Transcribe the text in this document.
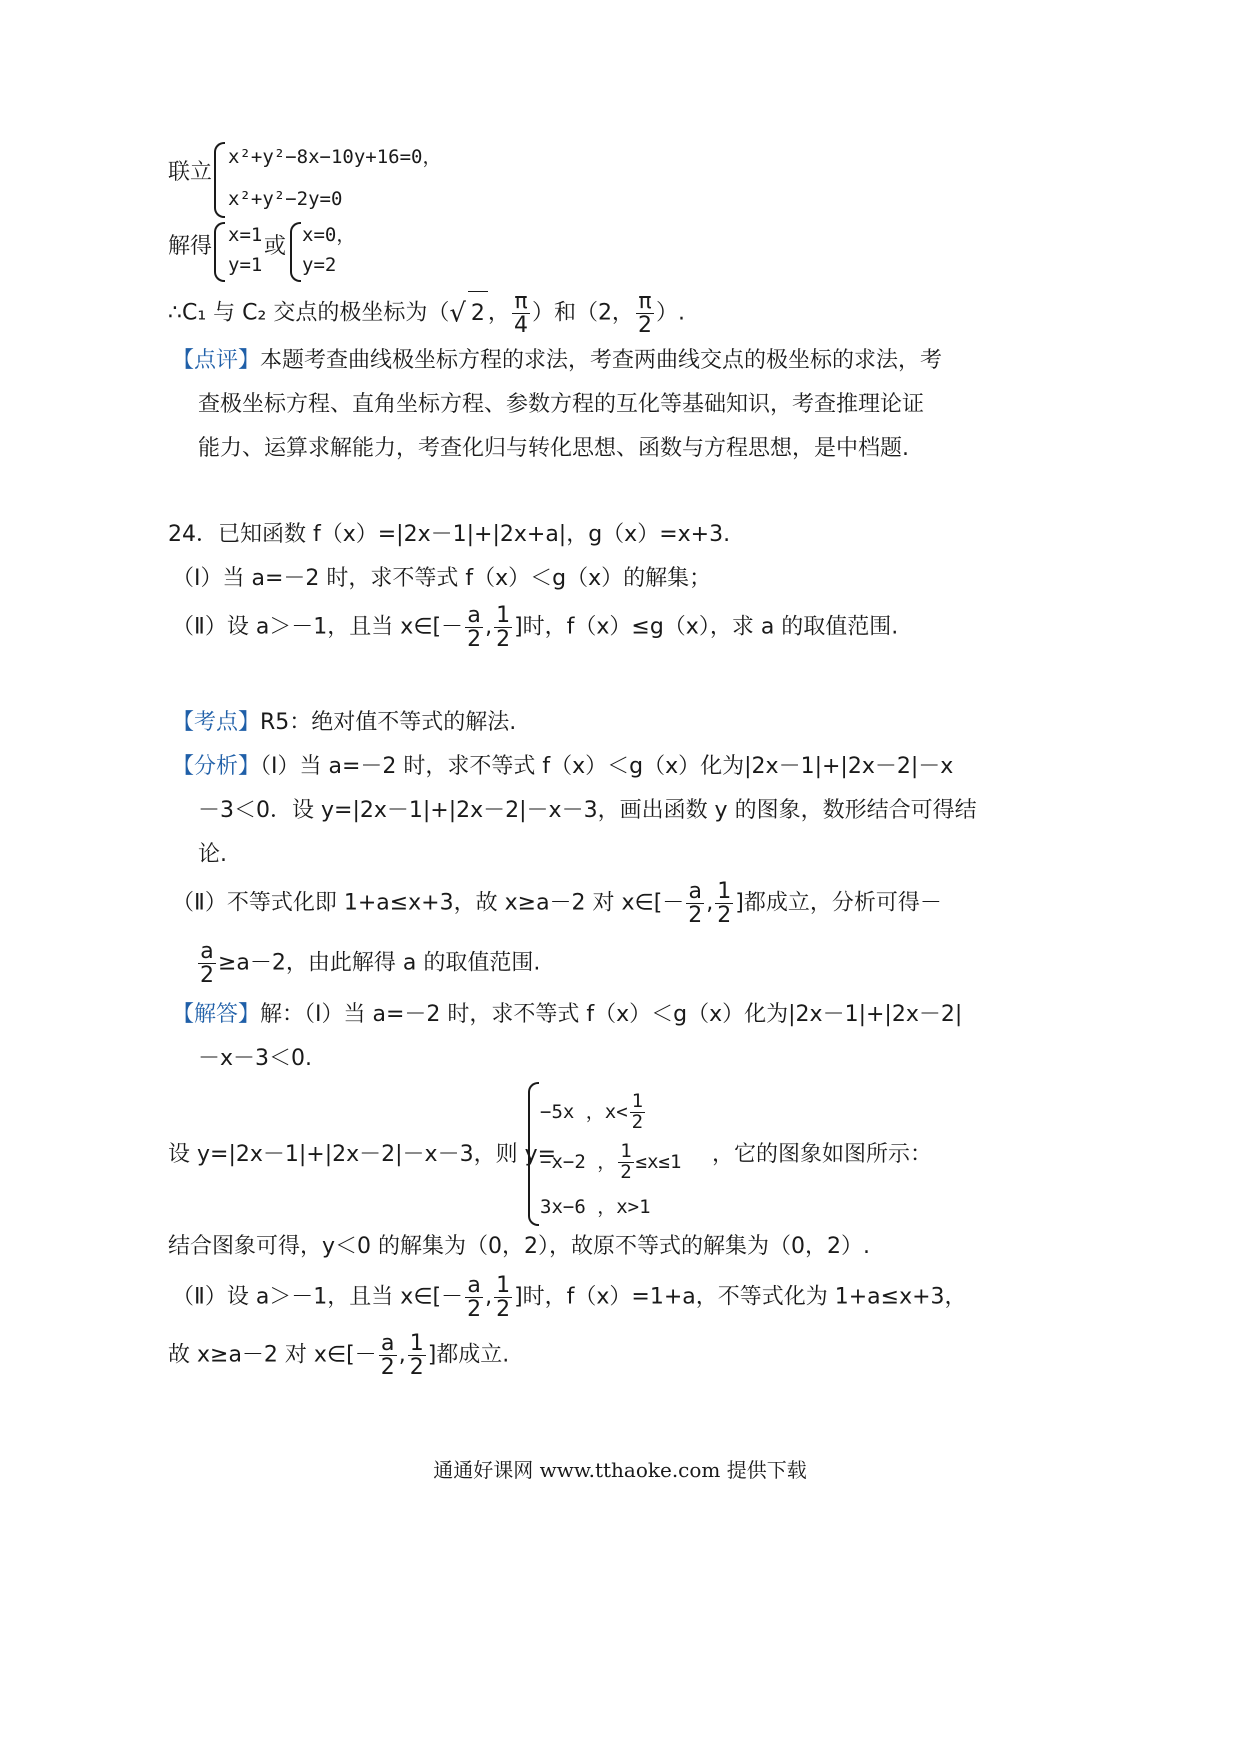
联立
x²+y²−8x−10y+16=0，
x²+y²−2y=0
解得 x=1
y=1
或 x=0，
y=2
∴C₁ 与 C₂ 交点的极坐标为（√ 2 ， $\frac{\pi}{4}$ ）和（2， $\frac{\pi}{2}$ ）.
【点评】本题考查曲线极坐标方程的求法，考查两曲线交点的极坐标的求法，考
查极坐标方程、直角坐标方程、参数方程的互化等基础知识，考查推理论证
能力、运算求解能力，考查化归与转化思想、函数与方程思想，是中档题.
24．已知函数 f（x）=|2x－1|+|2x+a|，g（x）=x+3.
（Ⅰ）当 a=－2 时，求不等式 f（x）＜g（x）的解集；
（Ⅱ）设 a＞－1，且当 x∈[－ $\frac{a}{2}$ , $\frac{1}{2}$ ]时，f（x）≤g（x），求 a 的取值范围.
【考点】R5：绝对值不等式的解法.
【分析】（Ⅰ）当 a=－2 时，求不等式 f（x）＜g（x）化为|2x－1|+|2x－2|－x
－3＜0．设 y=|2x－1|+|2x－2|－x－3，画出函数 y 的图象，数形结合可得结
论.
（Ⅱ）不等式化即 1+a≤x+3，故 x≥a－2 对 x∈[－ $\frac{a}{2}$ , $\frac{1}{2}$ ]都成立，分析可得－
$\frac{a}{2} \ge a-2$，由此解得 a 的取值范围.
【解答】解：（Ⅰ）当 a=－2 时，求不等式 f（x）＜g（x）化为|2x－1|+|2x－2|
－x－3＜0.
设 y=|2x－1|+|2x－2|－x－3，则 y=
−5x ，$x< \frac{1}{2}$
−x−2 ， $\frac{1}{2} \le x\le 1$
3x−6 ，x>1
，它的图象如图所示：
结合图象可得，y＜0 的解集为（0，2），故原不等式的解集为（0，2）.
（Ⅱ）设 a＞－1，且当 x∈[－ $\frac{a}{2}$ , $\frac{1}{2}$ ]时，f（x）=1+a，不等式化为 1+a≤x+3，
故 x≥a－2 对 x∈[－ $\frac{a}{2}$ , $\frac{1}{2}$ ]都成立.
通通好课网 www.tthaoke.com 提供下载
